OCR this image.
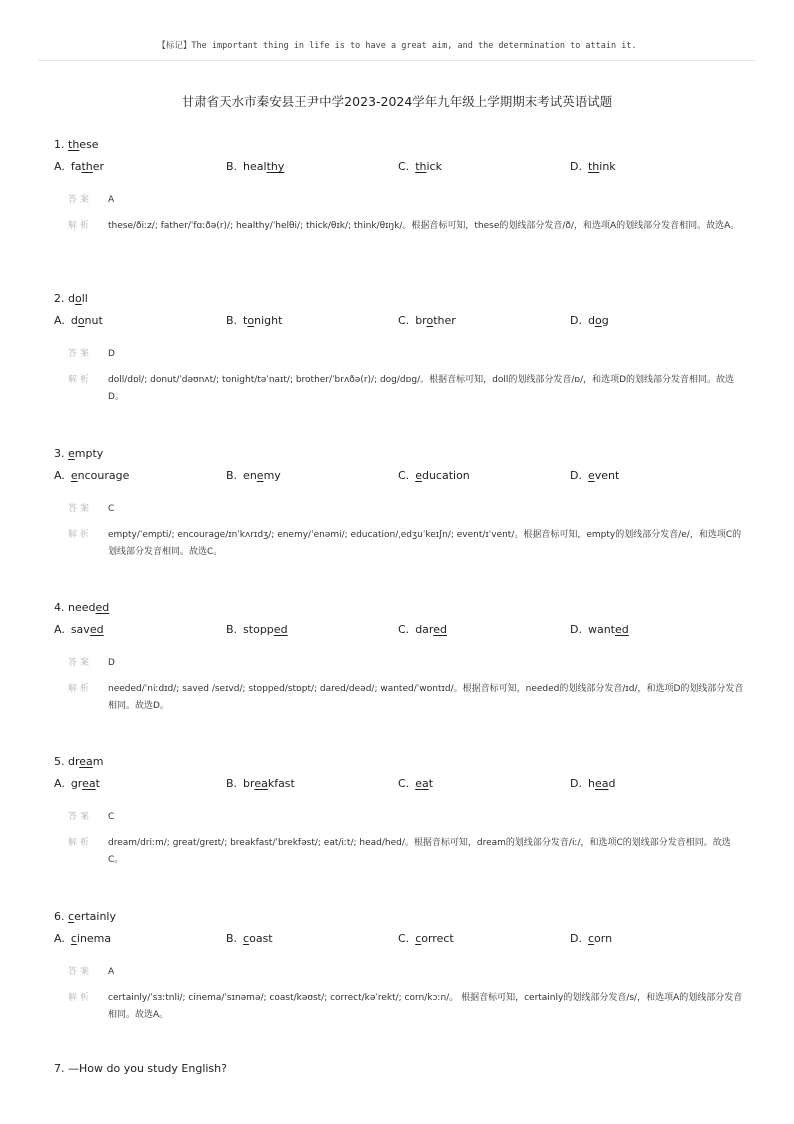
【标记】The important thing in life is to have a great aim, and the determination to attain it.
甘肃省天水市秦安县王尹中学2023-2024学年九年级上学期期末考试英语试题
1. these
A. father	B. healthy	C. thick	D. think
答案 A
解析 these/ðiːz/; father/ˈfɑːðə(r)/; healthy/ˈhelθi/; thick/θɪk/; think/θɪŋk/。根据音标可知，these的划线部分发音/ð/，和选项A的划线部分发音相同。故选A。
2. doll
A. donut	B. tonight	C. brother	D. dog
答案 D
解析 doll/dɒl/; donut/ˈdəʊnʌt/; tonight/təˈnaɪt/; brother/ˈbrʌðə(r)/; dog/dɒg/。根据音标可知，doll的划线部分发音/ɒ/，和选项D的划线部分发音相同。故选D。
3. empty
A. encourage	B. enemy	C. education	D. event
答案 C
解析 empty/ˈempti/; encourage/ɪnˈkʌrɪdʒ/; enemy/ˈenəmi/; education/ˌedʒuˈkeɪʃn/; event/ɪˈvent/。根据音标可知，empty的划线部分发音/e/，和选项C的划线部分发音相同。故选C。
4. needed
A. saved	B. stopped	C. dared	D. wanted
答案 D
解析 needed/ˈniːdɪd/; saved /seɪvd/; stopped/stɒpt/; dared/deəd/; wanted/ˈwɒntɪd/。根据音标可知，needed的划线部分发音/ɪd/，和选项D的划线部分发音相同。故选D。
5. dream
A. great	B. breakfast	C. eat	D. head
答案 C
解析 dream/driːm/; great/greɪt/; breakfast/ˈbrekfəst/; eat/iːt/; head/hed/。根据音标可知，dream的划线部分发音/iː/，和选项C的划线部分发音相同。故选C。
6. certainly
A. cinema	B. coast	C. correct	D. corn
答案 A
解析 certainly/ˈsɜːtnli/; cinema/ˈsɪnəmə/; coast/kəʊst/; correct/kəˈrekt/; corn/kɔːn/。 根据音标可知，certainly的划线部分发音/s/，和选项A的划线部分发音相同。故选A。
7. —How do you study English?
